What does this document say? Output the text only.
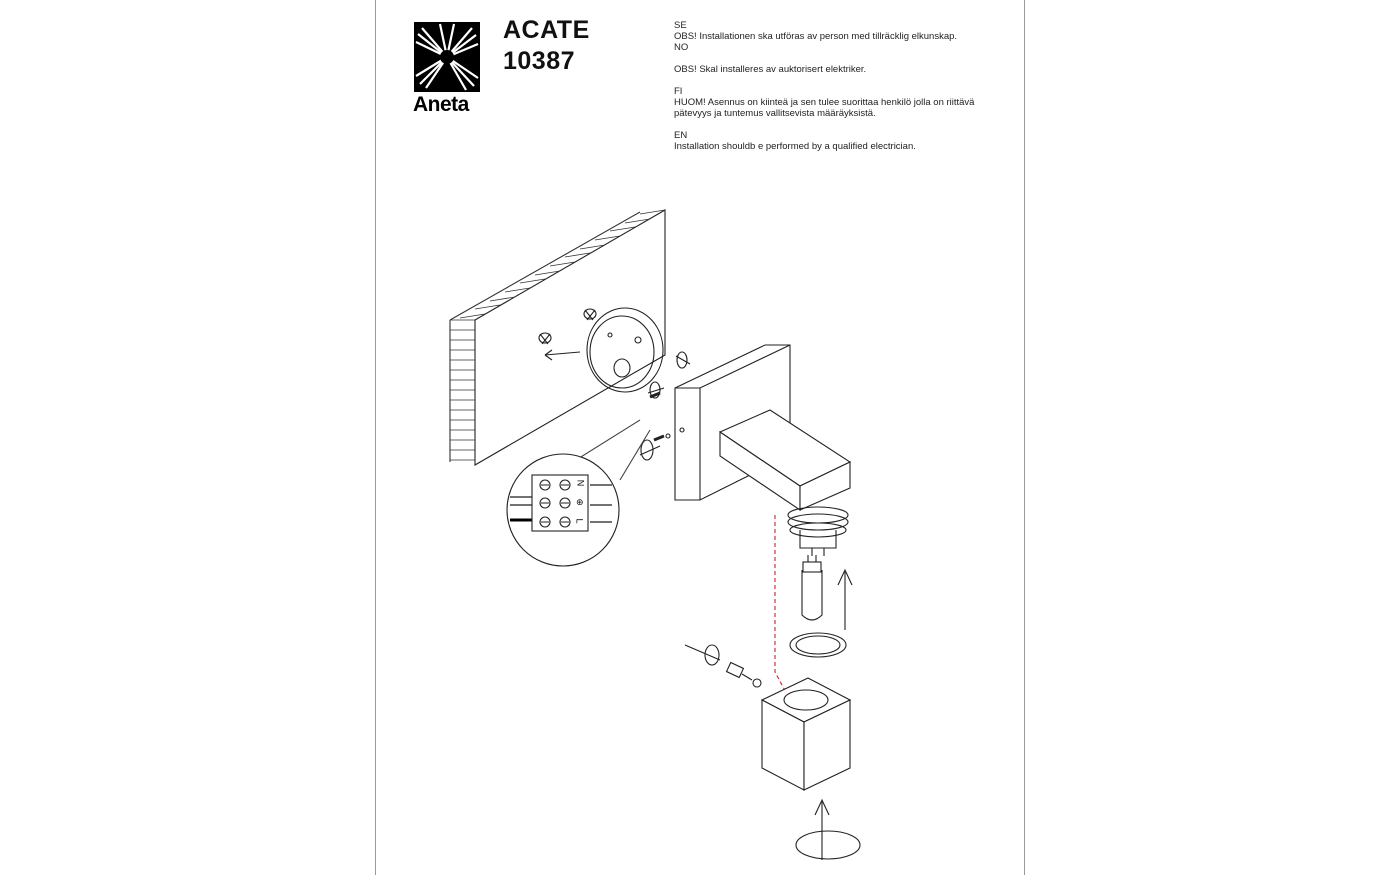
Aneta
ACATE
10387
SE
OBS! Installationen ska utföras av person med tillräcklig elkunskap.
NO
OBS! Skal installeres av auktorisert elektriker.
FI
HUOM! Asennus on kiinteä ja sen tulee suorittaa henkilö jolla on riittävä
pätevyys ja tuntemus vallitsevista määräyksistä.
EN
Installation shouldb e performed by a qualified electrician.
N
⊕
L
